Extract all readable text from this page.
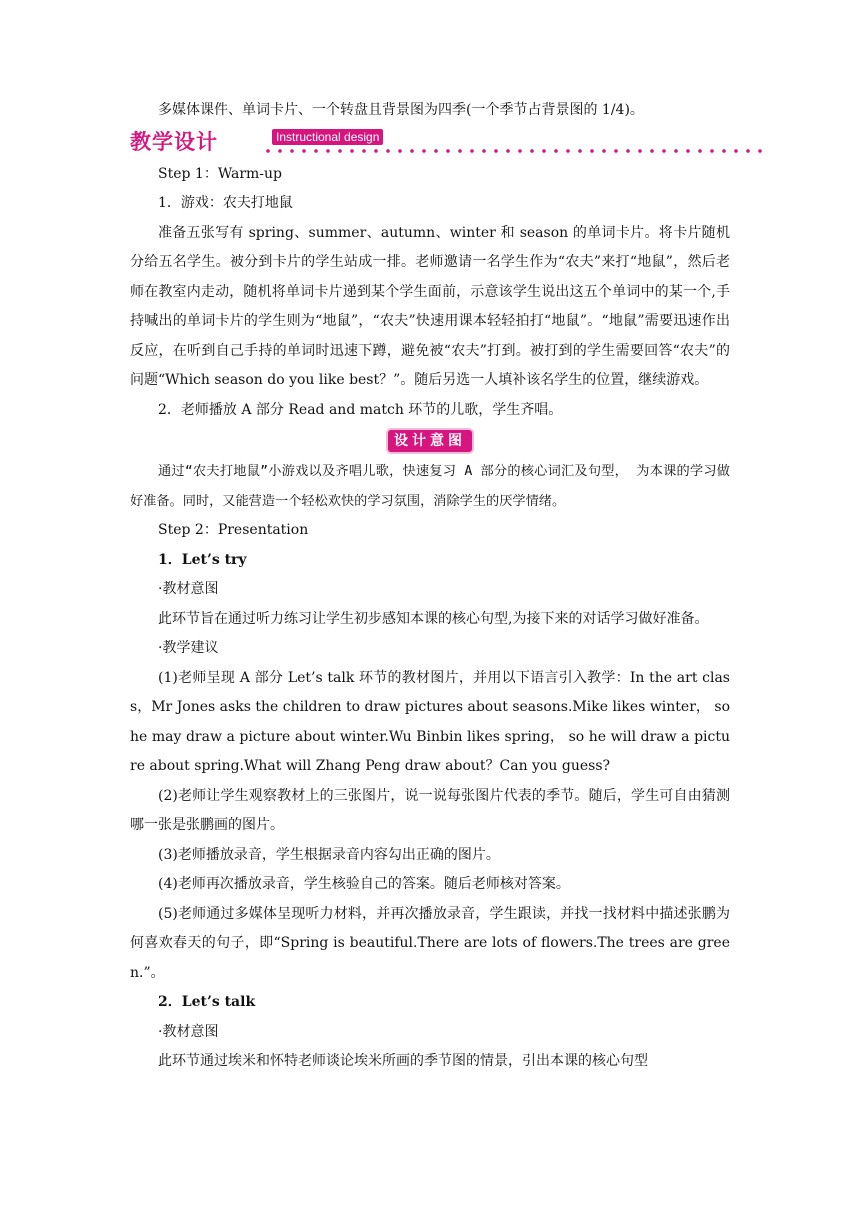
多媒体课件、单词卡片、一个转盘且背景图为四季(一个季节占背景图的 1/4)。

教学设计	Instructional design

Step 1：Warm-up

1．游戏：农夫打地鼠

准备五张写有 spring、summer、autumn、winter 和 season 的单词卡片。将卡片随机分给五名学生。被分到卡片的学生站成一排。老师邀请一名学生作为“农夫”来打“地鼠”，然后老师在教室内走动，随机将单词卡片递到某个学生面前，示意该学生说出这五个单词中的某一个,手持喊出的单词卡片的学生则为“地鼠”，“农夫”快速用课本轻轻拍打“地鼠”。“地鼠”需要迅速作出反应，在听到自己手持的单词时迅速下蹲，避免被“农夫”打到。被打到的学生需要回答“农夫”的问题“Which season do you like best？”。随后另选一人填补该名学生的位置，继续游戏。

2．老师播放 A 部分 Read and match 环节的儿歌，学生齐唱。

设计意图

通过“农夫打地鼠”小游戏以及齐唱儿歌，快速复习 A 部分的核心词汇及句型， 为本课的学习做好准备。同时，又能营造一个轻松欢快的学习氛围，消除学生的厌学情绪。

Step 2：Presentation

1．Let’s try

·教材意图

此环节旨在通过听力练习让学生初步感知本课的核心句型,为接下来的对话学习做好准备。

·教学建议

(1)老师呈现 A 部分 Let’s talk 环节的教材图片，并用以下语言引入教学：In the art class，Mr Jones asks the children to draw pictures about seasons.Mike likes winter， so he may draw a picture about winter.Wu Binbin likes spring， so he will draw a picture about spring.What will Zhang Peng draw about？Can you guess?

(2)老师让学生观察教材上的三张图片，说一说每张图片代表的季节。随后，学生可自由猜测哪一张是张鹏画的图片。

(3)老师播放录音，学生根据录音内容勾出正确的图片。

(4)老师再次播放录音，学生核验自己的答案。随后老师核对答案。

(5)老师通过多媒体呈现听力材料，并再次播放录音，学生跟读，并找一找材料中描述张鹏为何喜欢春天的句子，即“Spring is beautiful.There are lots of flowers.The trees are green.”。

2．Let’s talk

·教材意图

此环节通过埃米和怀特老师谈论埃米所画的季节图的情景，引出本课的核心句型
